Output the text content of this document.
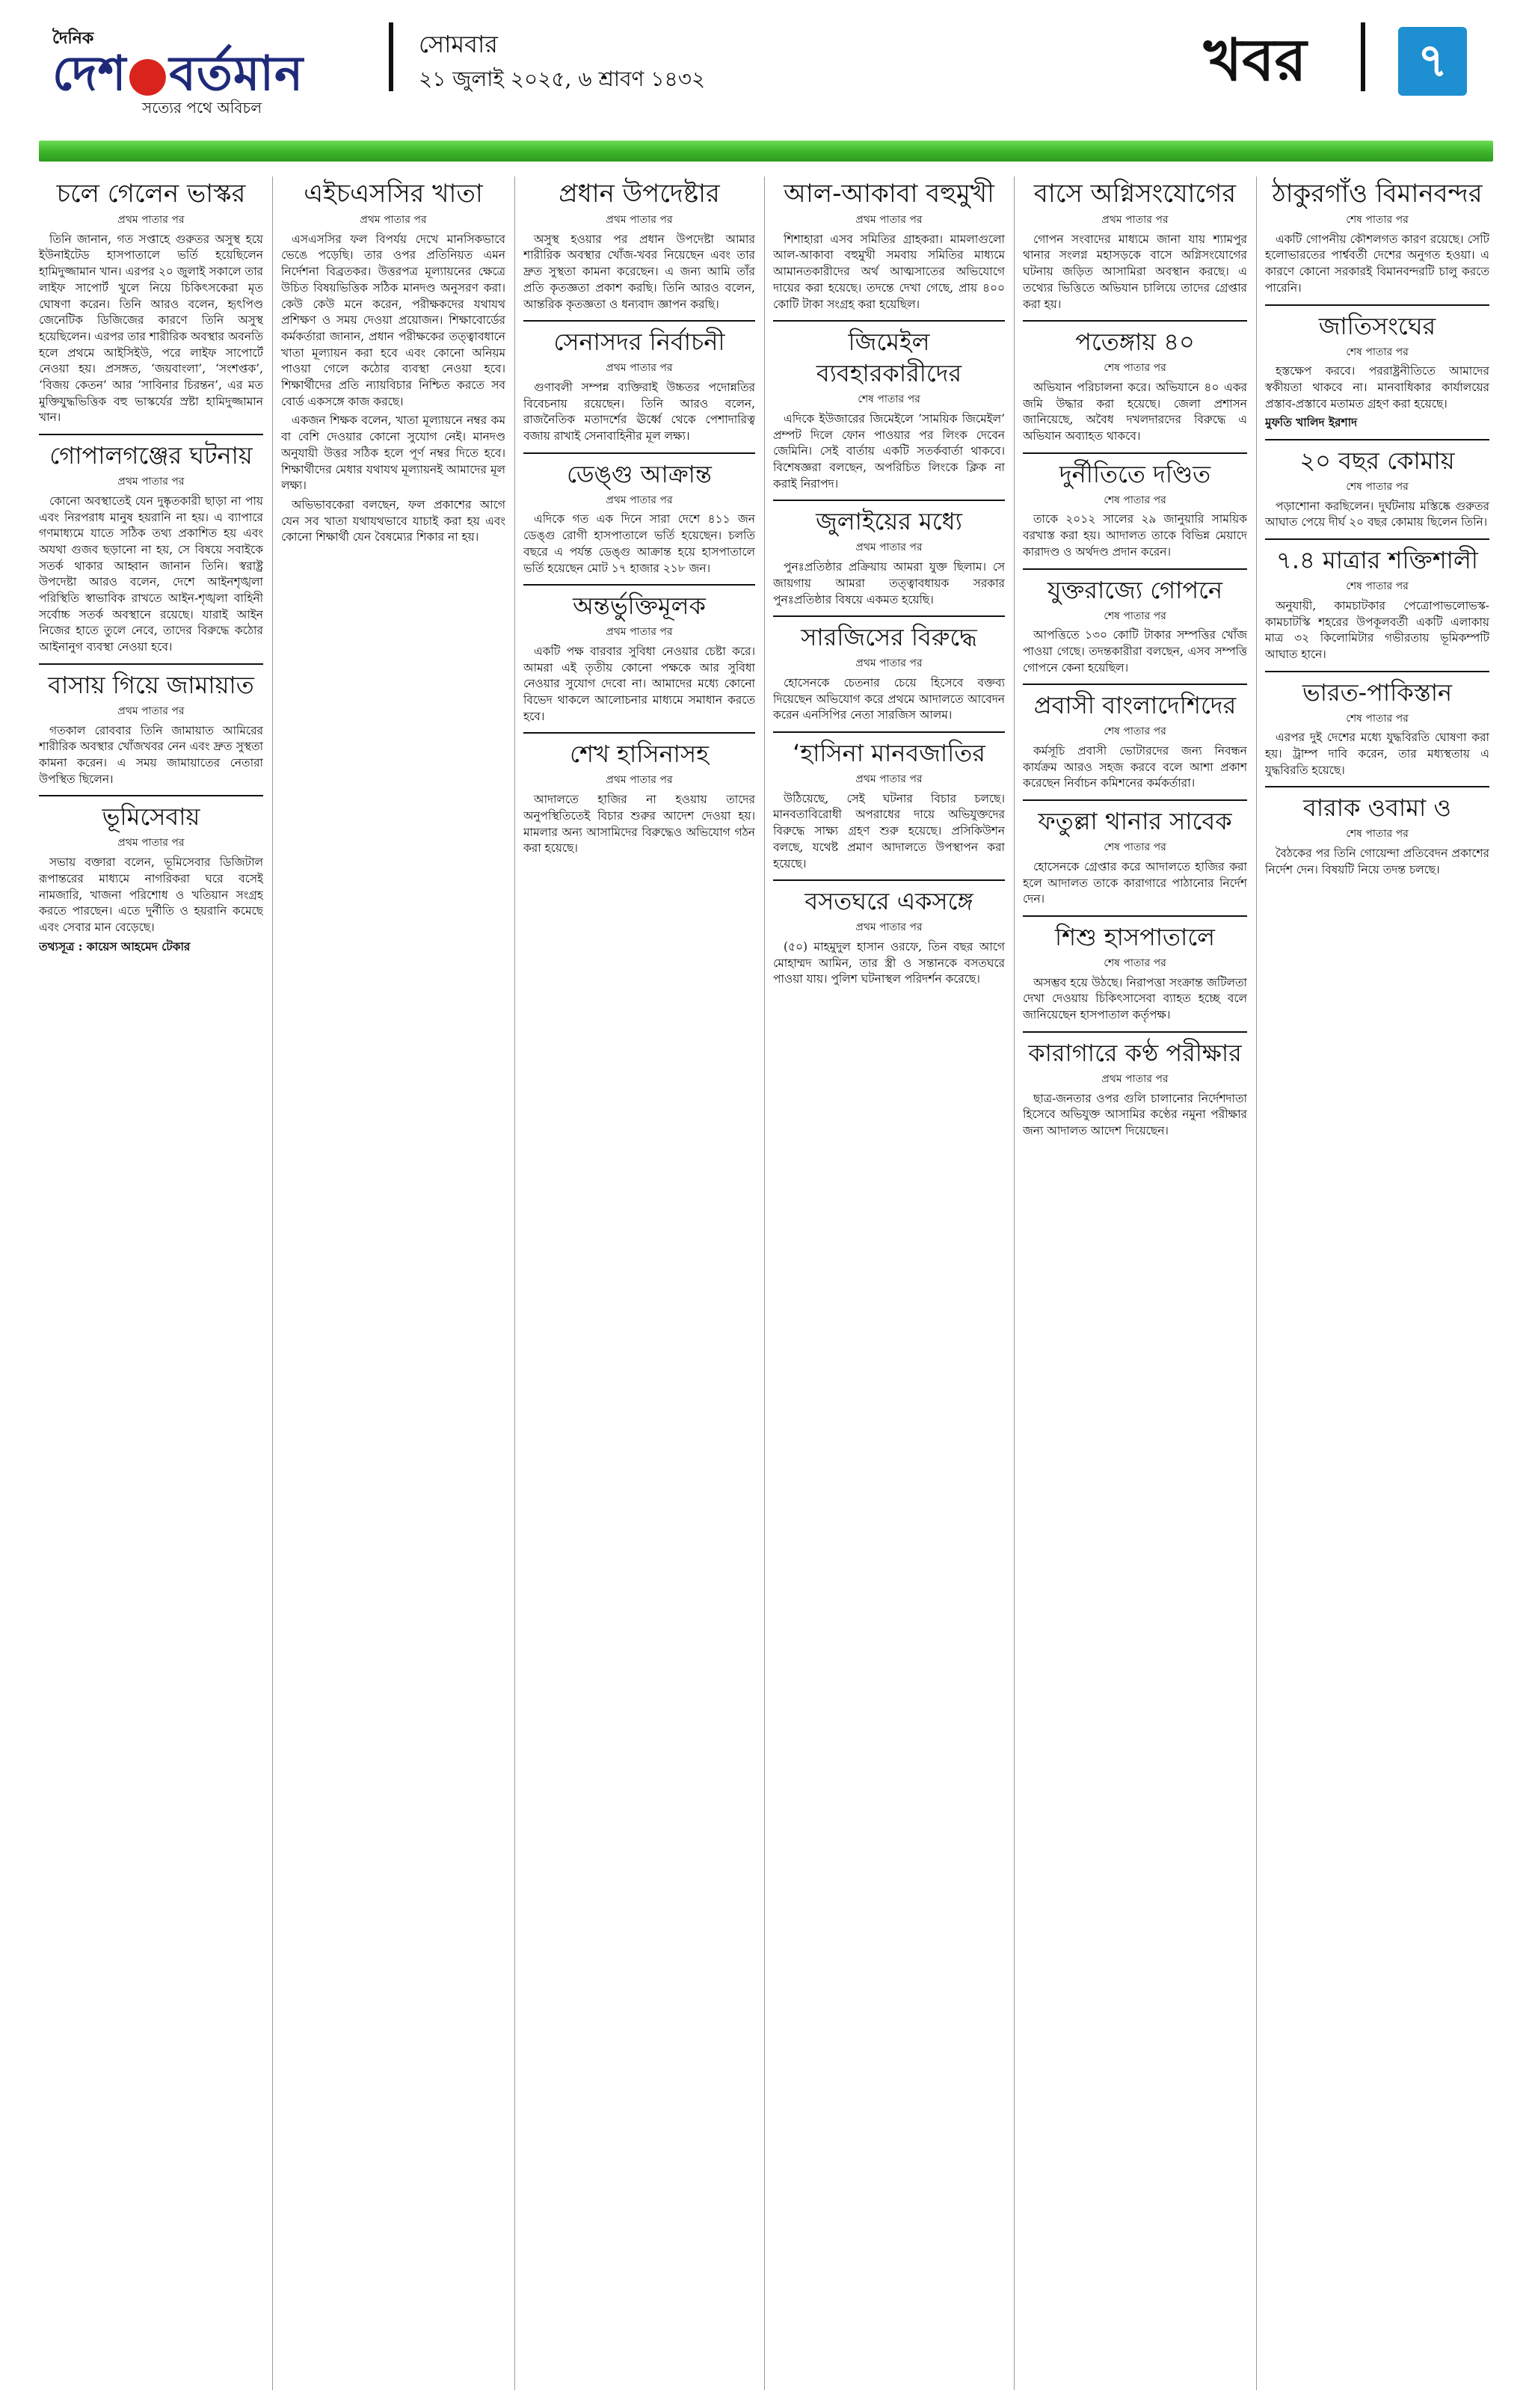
দৈনিক
দেশ●বর্তমান
সত্যের পথে অবিচল
সোমবার
২১ জুলাই ২০২৫, ৬ শ্রাবণ ১৪৩২	খবর	৭
চলে গেলেন ভাস্কর

প্রথম পাতার পর

তিনি জানান, গত সপ্তাহে গুরুতর অসুস্থ হয়ে ইউনাইটেড হাসপাতালে ভর্তি হয়েছিলেন হামিদুজ্জামান খান। এরপর ২০ জুলাই সকালে তার লাইফ সাপোর্ট খুলে নিয়ে চিকিৎসকেরা মৃত ঘোষণা করেন। তিনি আরও বলেন, হৃৎপিণ্ড জেনেটিক ডিজিজের কারণে তিনি অসুস্থ হয়েছিলেন। এরপর তার শারীরিক অবস্থার অবনতি হলে প্রথমে আইসিইউ, পরে লাইফ সাপোর্টে নেওয়া হয়। প্রসঙ্গত, ‘জয়বাংলা’, ‘সংশপ্তক’, ‘বিজয় কেতন’ আর ‘সাবিনার চিরন্তন’, এর মত মুক্তিযুদ্ধভিত্তিক বহু ভাস্কর্যের স্রষ্টা হামিদুজ্জামান খান।

গোপালগঞ্জের ঘটনায়

প্রথম পাতার পর

কোনো অবস্থাতেই যেন দুষ্কৃতকারী ছাড়া না পায় এবং নিরপরাধ মানুষ হয়রানি না হয়। এ ব্যাপারে গণমাধ্যমে যাতে সঠিক তথ্য প্রকাশিত হয় এবং অযথা গুজব ছড়ানো না হয়, সে বিষয়ে সবাইকে সতর্ক থাকার আহ্বান জানান তিনি। স্বরাষ্ট্র উপদেষ্টা আরও বলেন, দেশে আইনশৃঙ্খলা পরিস্থিতি স্বাভাবিক রাখতে আইন-শৃঙ্খলা বাহিনী সর্বোচ্চ সতর্ক অবস্থানে রয়েছে। যারাই আইন নিজের হাতে তুলে নেবে, তাদের বিরুদ্ধে কঠোর আইনানুগ ব্যবস্থা নেওয়া হবে।

বাসায় গিয়ে জামায়াত

প্রথম পাতার পর

গতকাল রোববার তিনি জামায়াত আমিরের শারীরিক অবস্থার খোঁজখবর নেন এবং দ্রুত সুস্থতা কামনা করেন। এ সময় জামায়াতের নেতারা উপস্থিত ছিলেন।

ভূমিসেবায়

প্রথম পাতার পর

সভায় বক্তারা বলেন, ভূমিসেবার ডিজিটাল রূপান্তরের মাধ্যমে নাগরিকরা ঘরে বসেই নামজারি, খাজনা পরিশোধ ও খতিয়ান সংগ্রহ করতে পারছেন। এতে দুর্নীতি ও হয়রানি কমেছে এবং সেবার মান বেড়েছে।

তথ্যসূত্র : কায়েস আহমেদ টেকার

এইচএসসির খাতা

প্রথম পাতার পর

এসএসসির ফল বিপর্যয় দেখে মানসিকভাবে ভেঙে পড়েছি। তার ওপর প্রতিনিয়ত এমন নির্দেশনা বিব্রতকর। উত্তরপত্র মূল্যায়নের ক্ষেত্রে উচিত বিষয়ভিত্তিক সঠিক মানদণ্ড অনুসরণ করা। কেউ কেউ মনে করেন, পরীক্ষকদের যথাযথ প্রশিক্ষণ ও সময় দেওয়া প্রয়োজন। শিক্ষাবোর্ডের কর্মকর্তারা জানান, প্রধান পরীক্ষকের তত্ত্বাবধানে খাতা মূল্যায়ন করা হবে এবং কোনো অনিয়ম পাওয়া গেলে কঠোর ব্যবস্থা নেওয়া হবে। শিক্ষার্থীদের প্রতি ন্যায়বিচার নিশ্চিত করতে সব বোর্ড একসঙ্গে কাজ করছে।

একজন শিক্ষক বলেন, খাতা মূল্যায়নে নম্বর কম বা বেশি দেওয়ার কোনো সুযোগ নেই। মানদণ্ড অনুযায়ী উত্তর সঠিক হলে পূর্ণ নম্বর দিতে হবে। শিক্ষার্থীদের মেধার যথাযথ মূল্যায়নই আমাদের মূল লক্ষ্য।

অভিভাবকেরা বলছেন, ফল প্রকাশের আগে যেন সব খাতা যথাযথভাবে যাচাই করা হয় এবং কোনো শিক্ষার্থী যেন বৈষম্যের শিকার না হয়।

প্রধান উপদেষ্টার

প্রথম পাতার পর

অসুস্থ হওয়ার পর প্রধান উপদেষ্টা আমার শারীরিক অবস্থার খোঁজ-খবর নিয়েছেন এবং তার দ্রুত সুস্থতা কামনা করেছেন। এ জন্য আমি তাঁর প্রতি কৃতজ্ঞতা প্রকাশ করছি। তিনি আরও বলেন, আন্তরিক কৃতজ্ঞতা ও ধন্যবাদ জ্ঞাপন করছি।

সেনাসদর নির্বাচনী

প্রথম পাতার পর

গুণাবলী সম্পন্ন ব্যক্তিরাই উচ্চতর পদোন্নতির বিবেচনায় রয়েছেন। তিনি আরও বলেন, রাজনৈতিক মতাদর্শের ঊর্ধ্বে থেকে পেশাদারিত্ব বজায় রাখাই সেনাবাহিনীর মূল লক্ষ্য।

ডেঙ্গু আক্রান্ত

প্রথম পাতার পর

এদিকে গত এক দিনে সারা দেশে ৪১১ জন ডেঙ্গু রোগী হাসপাতালে ভর্তি হয়েছেন। চলতি বছরে এ পর্যন্ত ডেঙ্গু আক্রান্ত হয়ে হাসপাতালে ভর্তি হয়েছেন মোট ১৭ হাজার ২১৮ জন।

অন্তর্ভুক্তিমূলক

প্রথম পাতার পর

একটি পক্ষ বারবার সুবিধা নেওয়ার চেষ্টা করে। আমরা এই তৃতীয় কোনো পক্ষকে আর সুবিধা নেওয়ার সুযোগ দেবো না। আমাদের মধ্যে কোনো বিভেদ থাকলে আলোচনার মাধ্যমে সমাধান করতে হবে।

শেখ হাসিনাসহ

প্রথম পাতার পর

আদালতে হাজির না হওয়ায় তাদের অনুপস্থিতিতেই বিচার শুরুর আদেশ দেওয়া হয়। মামলার অন্য আসামিদের বিরুদ্ধেও অভিযোগ গঠন করা হয়েছে।

আল-আকাবা বহুমুখী

প্রথম পাতার পর

শিশাহারা এসব সমিতির গ্রাহকরা। মামলাগুলো আল-আকাবা বহুমুখী সমবায় সমিতির মাধ্যমে আমানতকারীদের অর্থ আত্মসাতের অভিযোগে দায়ের করা হয়েছে। তদন্তে দেখা গেছে, প্রায় ৪০০ কোটি টাকা সংগ্রহ করা হয়েছিল।

জিমেইল ব্যবহারকারীদের

শেষ পাতার পর

এদিকে ইউজারের জিমেইলে ‘সাময়িক জিমেইল’ প্রম্পট দিলে ফোন পাওয়ার পর লিংক দেবেন জেমিনি। সেই বার্তায় একটি সতর্কবার্তা থাকবে। বিশেষজ্ঞরা বলছেন, অপরিচিত লিংকে ক্লিক না করাই নিরাপদ।

জুলাইয়ের মধ্যে

প্রথম পাতার পর

পুনঃপ্রতিষ্ঠার প্রক্রিয়ায় আমরা যুক্ত ছিলাম। সে জায়গায় আমরা তত্ত্বাবধায়ক সরকার পুনঃপ্রতিষ্ঠার বিষয়ে একমত হয়েছি।

সারজিসের বিরুদ্ধে

প্রথম পাতার পর

হোসেনকে চেতনার চেয়ে হিসেবে বক্তব্য দিয়েছেন অভিযোগ করে প্রথমে আদালতে আবেদন করেন এনসিপির নেতা সারজিস আলম।

‘হাসিনা মানবজাতির

প্রথম পাতার পর

উঠিয়েছে, সেই ঘটনার বিচার চলছে। মানবতাবিরোধী অপরাধের দায়ে অভিযুক্তদের বিরুদ্ধে সাক্ষ্য গ্রহণ শুরু হয়েছে। প্রসিকিউশন বলছে, যথেষ্ট প্রমাণ আদালতে উপস্থাপন করা হয়েছে।

বসতঘরে একসঙ্গে

প্রথম পাতার পর

(৫০) মাহমুদুল হাসান ওরফে, তিন বছর আগে মোহাম্মদ আমিন, তার স্ত্রী ও সন্তানকে বসতঘরে পাওয়া যায়। পুলিশ ঘটনাস্থল পরিদর্শন করেছে।

বাসে অগ্নিসংযোগের

প্রথম পাতার পর

গোপন সংবাদের মাধ্যমে জানা যায় শ্যামপুর থানার সংলগ্ন মহাসড়কে বাসে অগ্নিসংযোগের ঘটনায় জড়িত আসামিরা অবস্থান করছে। এ তথ্যের ভিত্তিতে অভিযান চালিয়ে তাদের গ্রেপ্তার করা হয়।

পতেঙ্গায় ৪০

শেষ পাতার পর

অভিযান পরিচালনা করে। অভিযানে ৪০ একর জমি উদ্ধার করা হয়েছে। জেলা প্রশাসন জানিয়েছে, অবৈধ দখলদারদের বিরুদ্ধে এ অভিযান অব্যাহত থাকবে।

দুর্নীতিতে দণ্ডিত

শেষ পাতার পর

তাকে ২০১২ সালের ২৯ জানুয়ারি সাময়িক বরখাস্ত করা হয়। আদালত তাকে বিভিন্ন মেয়াদে কারাদণ্ড ও অর্থদণ্ড প্রদান করেন।

যুক্তরাজ্যে গোপনে

শেষ পাতার পর

আপত্তিতে ১৩০ কোটি টাকার সম্পত্তির খোঁজ পাওয়া গেছে। তদন্তকারীরা বলছেন, এসব সম্পত্তি গোপনে কেনা হয়েছিল।

প্রবাসী বাংলাদেশিদের

শেষ পাতার পর

কর্মসূচি প্রবাসী ভোটারদের জন্য নিবন্ধন কার্যক্রম আরও সহজ করবে বলে আশা প্রকাশ করেছেন নির্বাচন কমিশনের কর্মকর্তারা।

ফতুল্লা থানার সাবেক

শেষ পাতার পর

হোসেনকে গ্রেপ্তার করে আদালতে হাজির করা হলে আদালত তাকে কারাগারে পাঠানোর নির্দেশ দেন।

শিশু হাসপাতালে

শেষ পাতার পর

অসম্ভব হয়ে উঠছে। নিরাপত্তা সংক্রান্ত জটিলতা দেখা দেওয়ায় চিকিৎসাসেবা ব্যাহত হচ্ছে বলে জানিয়েছেন হাসপাতাল কর্তৃপক্ষ।

কারাগারে কণ্ঠ পরীক্ষার

প্রথম পাতার পর

ছাত্র-জনতার ওপর গুলি চালানোর নির্দেশদাতা হিসেবে অভিযুক্ত আসামির কণ্ঠের নমুনা পরীক্ষার জন্য আদালত আদেশ দিয়েছেন।

ঠাকুরগাঁও বিমানবন্দর

শেষ পাতার পর

একটি গোপনীয় কৌশলগত কারণ রয়েছে। সেটি হলোভারতের পার্শ্ববর্তী দেশের অনুগত হওয়া। এ কারণে কোনো সরকারই বিমানবন্দরটি চালু করতে পারেনি।

জাতিসংঘের

শেষ পাতার পর

হস্তক্ষেপ করবে। পররাষ্ট্রনীতিতে আমাদের স্বকীয়তা থাকবে না। মানবাধিকার কার্যালয়ের প্রস্তাব-প্রস্তাবে মতামত গ্রহণ করা হয়েছে।

মুফতি খালিদ ইরশাদ

২০ বছর কোমায়

শেষ পাতার পর

পড়াশোনা করছিলেন। দুর্ঘটনায় মস্তিষ্কে গুরুতর আঘাত পেয়ে দীর্ঘ ২০ বছর কোমায় ছিলেন তিনি।

৭.৪ মাত্রার শক্তিশালী

শেষ পাতার পর

অনুযায়ী, কামচাটকার পেত্রোপাভলোভস্ক-কামচাটস্কি শহরের উপকূলবর্তী একটি এলাকায় মাত্র ৩২ কিলোমিটার গভীরতায় ভূমিকম্পটি আঘাত হানে।

ভারত-পাকিস্তান

শেষ পাতার পর

এরপর দুই দেশের মধ্যে যুদ্ধবিরতি ঘোষণা করা হয়। ট্রাম্প দাবি করেন, তার মধ্যস্থতায় এ যুদ্ধবিরতি হয়েছে।

বারাক ওবামা ও

শেষ পাতার পর

বৈঠকের পর তিনি গোয়েন্দা প্রতিবেদন প্রকাশের নির্দেশ দেন। বিষয়টি নিয়ে তদন্ত চলছে।
